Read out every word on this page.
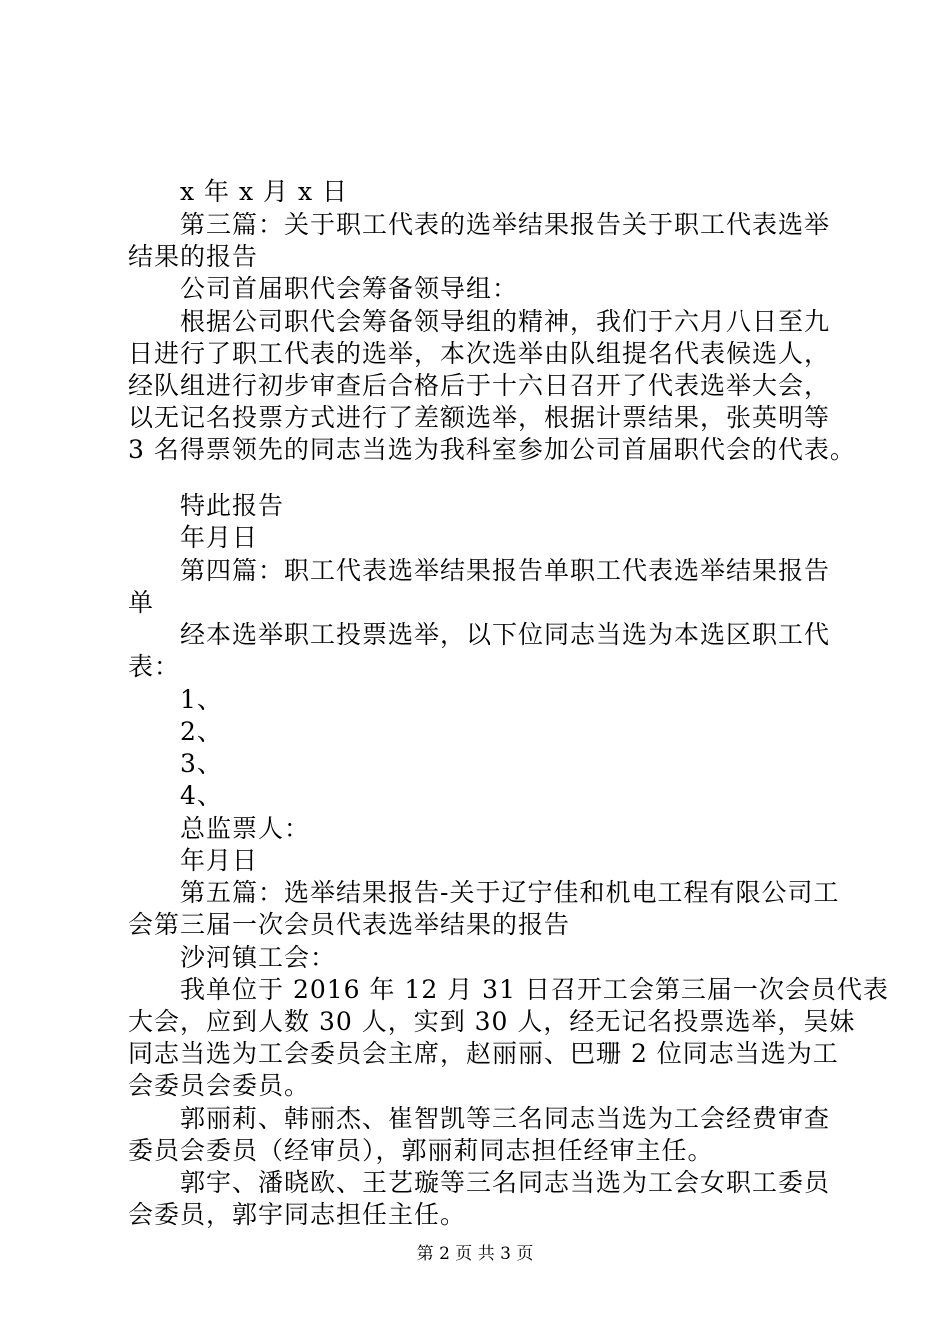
x 年 x 月 x 日
第三篇：关于职工代表的选举结果报告关于职工代表选举
结果的报告
公司首届职代会筹备领导组：
根据公司职代会筹备领导组的精神，我们于六月八日至九
日进行了职工代表的选举，本次选举由队组提名代表候选人，
经队组进行初步审查后合格后于十六日召开了代表选举大会，
以无记名投票方式进行了差额选举，根据计票结果，张英明等
3 名得票领先的同志当选为我科室参加公司首届职代会的代表。
特此报告
年月日
第四篇：职工代表选举结果报告单职工代表选举结果报告
单
经本选举职工投票选举，以下位同志当选为本选区职工代
表：
1、
2、
3、
4、
总监票人：
年月日
第五篇：选举结果报告-关于辽宁佳和机电工程有限公司工
会第三届一次会员代表选举结果的报告
沙河镇工会：
我单位于 2016 年 12 月 31 日召开工会第三届一次会员代表
大会，应到人数 30 人，实到 30 人，经无记名投票选举，吴妹
同志当选为工会委员会主席，赵丽丽、巴珊 2 位同志当选为工
会委员会委员。
郭丽莉、韩丽杰、崔智凯等三名同志当选为工会经费审查
委员会委员（经审员），郭丽莉同志担任经审主任。
郭宇、潘晓欧、王艺璇等三名同志当选为工会女职工委员
会委员，郭宇同志担任主任。
第 2 页 共 3 页
